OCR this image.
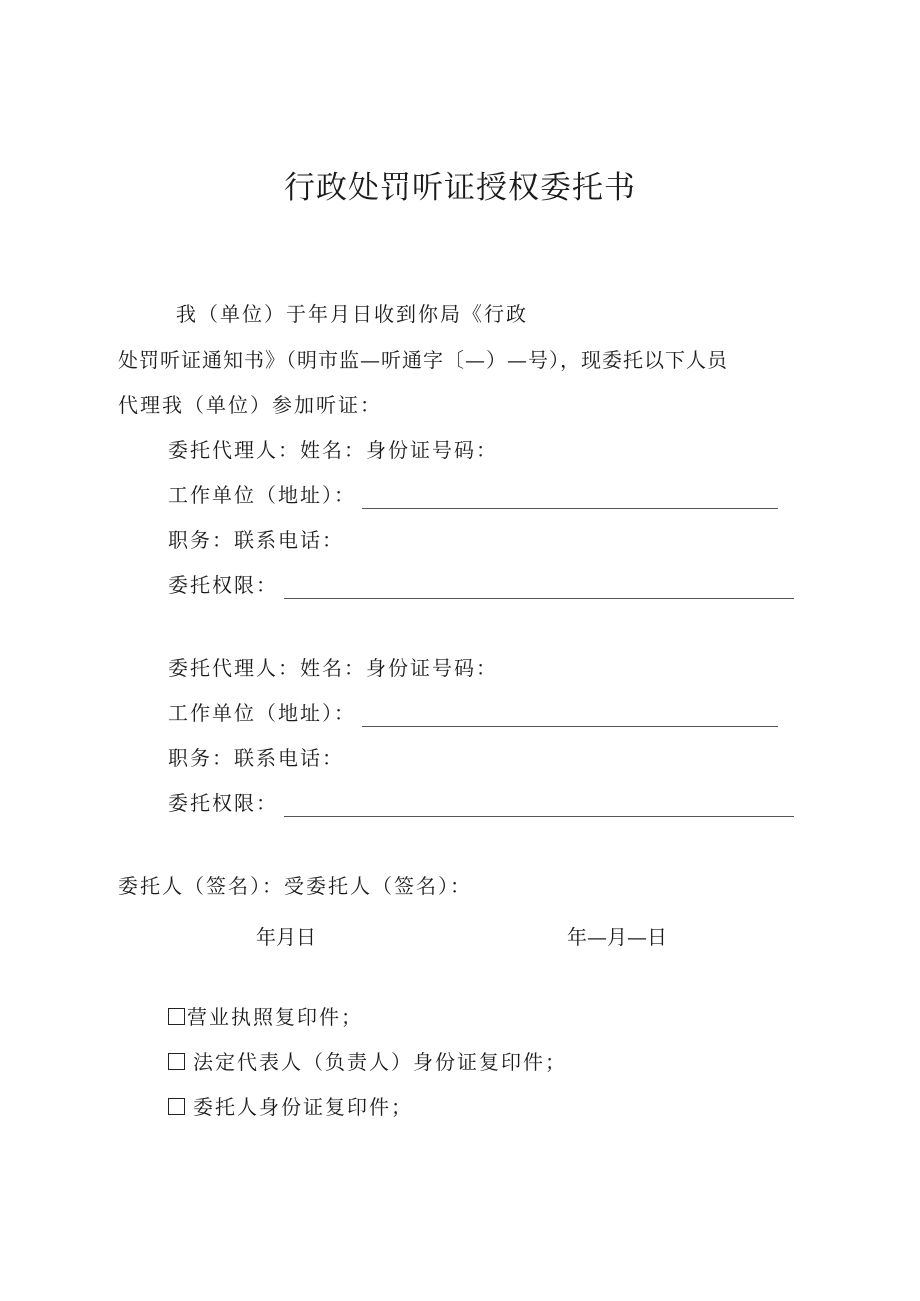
行政处罚听证授权委托书
我（单位）于年月日收到你局《行政
处罚听证通知书》（明市监—听通字〔—）—号），现委托以下人员
代理我（单位）参加听证：
委托代理人：姓名：身份证号码：
工作单位（地址）：
职务：联系电话：
委托权限：
委托代理人：姓名：身份证号码：
工作单位（地址）：
职务：联系电话：
委托权限：
委托人（签名）：受委托人（签名）：
年月日	年—月—日
营业执照复印件；
法定代表人（负责人）身份证复印件；
委托人身份证复印件；
